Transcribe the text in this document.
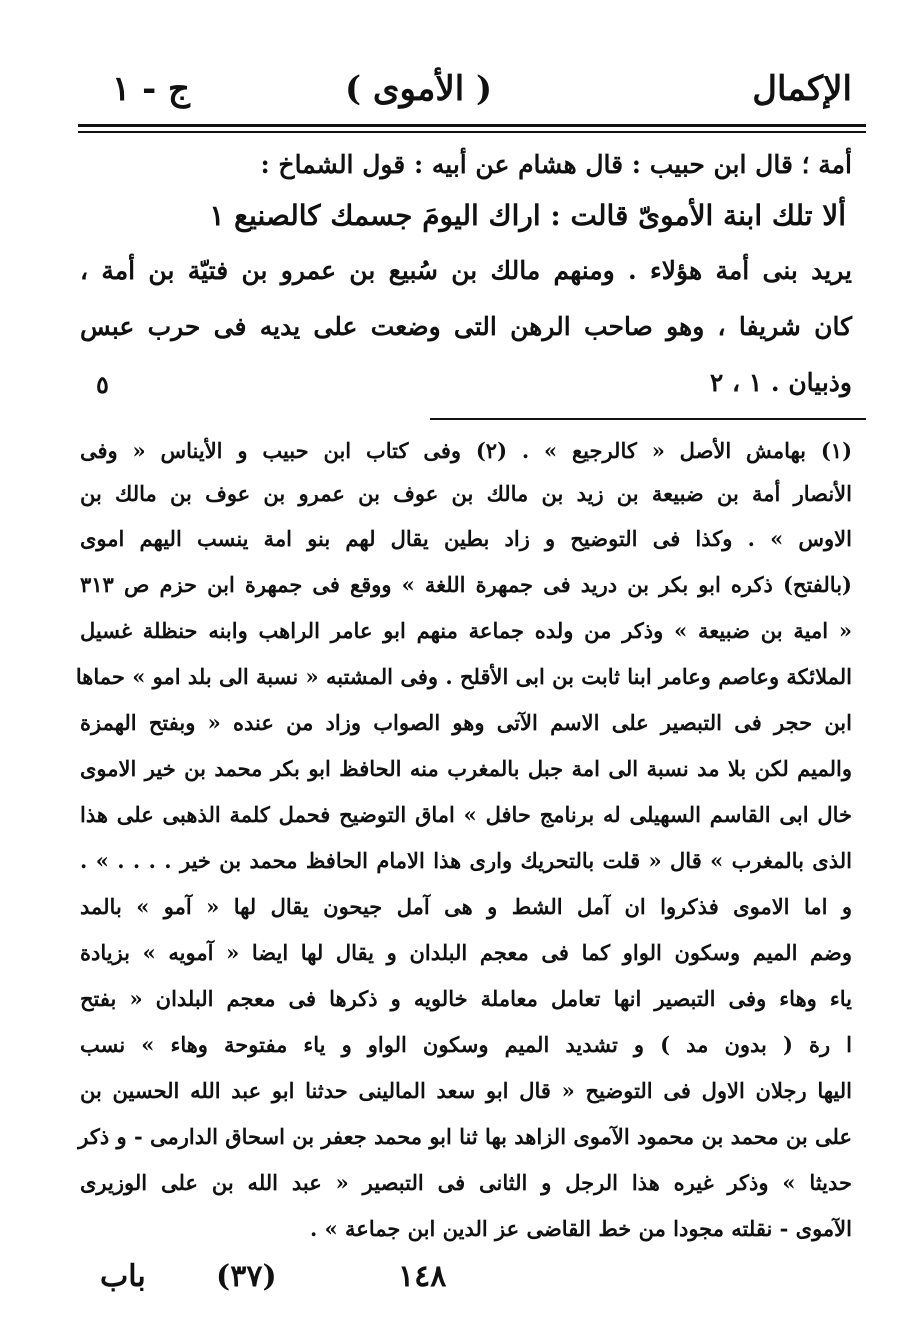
الإكمال
( الأموى )
ج - ١
أمة ؛ قال ابن حبيب : قال هشام عن أبيه : قول الشماخ :
ألا تلك ابنة الأموىّ قالت : اراك اليومَ جسمك كالصنيع ١
يريد بنى أمة هؤلاء . ومنهم مالك بن سُبيع بن عمرو بن فتيّة بن أمة ،
كان شريفا ، وهو صاحب الرهن التى وضعت على يديه فى حرب عبس
وذبيان . ١ ، ٢
٥
(١) بهامش الأصل « كالرجيع » . (٢) وفى كتاب ابن حبيب و الأيناس « وفى
الأنصار أمة بن ضبيعة بن زيد بن مالك بن عوف بن عمرو بن عوف بن مالك بن
الاوس » . وكذا فى التوضيح و زاد بطين يقال لهم بنو امة ينسب اليهم اموى
(بالفتح) ذكره ابو بكر بن دريد فى جمهرة اللغة » ووقع فى جمهرة ابن حزم ص ٣١٣
« امية بن ضبيعة » وذكر من ولده جماعة منهم ابو عامر الراهب وابنه حنظلة غسيل
الملائكة وعاصم وعامر ابنا ثابت بن ابى الأقلح . وفى المشتبه « نسبة الى بلد امو » حماها
ابن حجر فى التبصير على الاسم الآتى وهو الصواب وزاد من عنده « وبفتح الهمزة
والميم لكن بلا مد نسبة الى امة جبل بالمغرب منه الحافظ ابو بكر محمد بن خير الاموى
خال ابى القاسم السهيلى له برنامج حافل » اماق التوضيح فحمل كلمة الذهبى على هذا
الذى بالمغرب » قال « قلت بالتحريك وارى هذا الامام الحافظ محمد بن خير . . . . » .
و اما الاموى فذكروا ان آمل الشط و هى آمل جيحون يقال لها « آمو » بالمد
وضم الميم وسكون الواو كما فى معجم البلدان و يقال لها ايضا « آمويه » بزيادة
ياء وهاء وفى التبصير انها تعامل معاملة خالويه و ذكرها فى معجم البلدان « بفتح
ا رة ( بدون مد ) و تشديد الميم وسكون الواو و ياء مفتوحة وهاء » نسب
اليها رجلان الاول فى التوضيح « قال ابو سعد المالينى حدثنا ابو عبد الله الحسين بن
على بن محمد بن محمود الآموى الزاهد بها ثنا ابو محمد جعفر بن اسحاق الدارمى - و ذكر
حديثا » وذكر غيره هذا الرجل و الثانى فى التبصير « عبد الله بن على الوزيرى
الآموى - نقلته مجودا من خط القاضى عز الدين ابن جماعة » .
باب (٣٧)	١٤٨
